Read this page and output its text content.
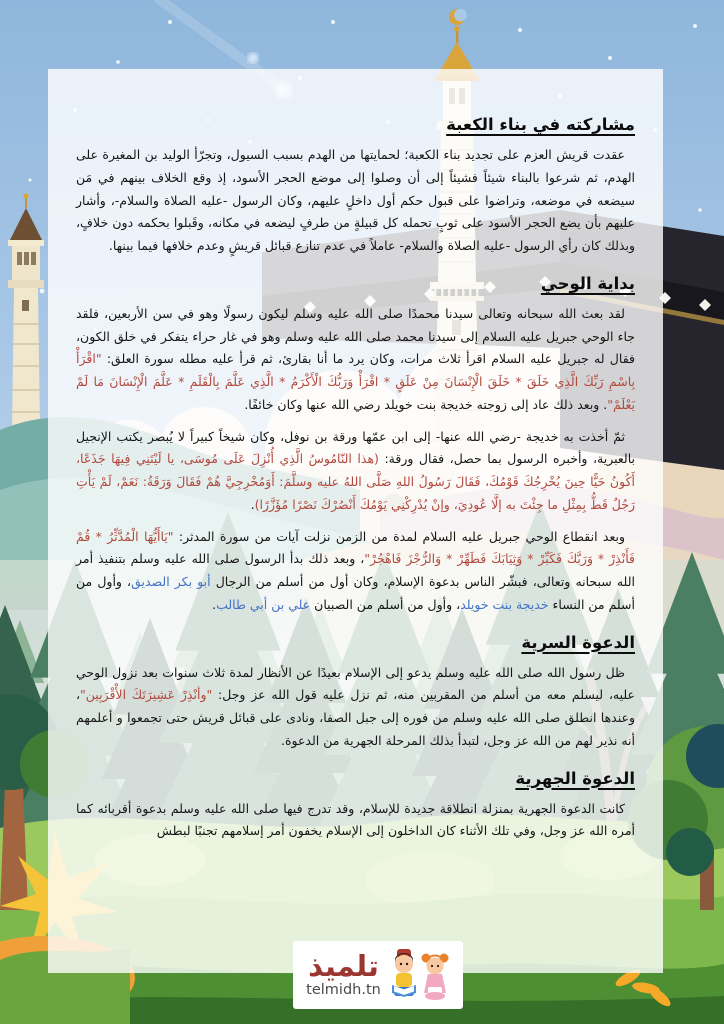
مشاركته في بناء الكعبة

عقدت قريش العزم على تجديد بناء الكعبة؛ لحمايتها من الهدم بسبب السيول، وتجرّأ الوليد بن المغيرة على الهدم، ثم شرعوا بالبناء شيئاً فشيئاً إلى أن وصلوا إلى موضع الحجر الأسود، إذ وقع الخلاف بينهم في مَن سيضعه في موضعه، وتراضوا على قبول حكم أول داخلٍ عليهم، وكان الرسول -عليه الصلاة والسلام-، وأشار عليهم بأن يضع الحجر الأسود على ثوبٍ تحمله كل قبيلةٍ من طرفٍ ليضعه في مكانه، وقَبلوا بحكمه دون خلافٍ، وبذلك كان رأي الرسول -عليه الصلاة والسلام- عاملاً في عدم تنازع قبائل قريشٍ وعدم خلافها فيما بينها.

بداية الوحي

لقد بعث الله سبحانه وتعالى سيدنا محمدًا صلى الله عليه وسلم ليكون رسولًا وهو في سن الأربعين، فلقد جاء الوحي جبريل عليه السلام إلى سيدنا محمد صلى الله عليه وسلم وهو في غار حراء يتفكر في خلق الكون، فقال له جبريل عليه السلام اقرأ ثلاث مرات، وكان يرد ما أنا بقارئ، ثم قرأ عليه مطله سورة العلق: "اقْرَأْ بِاسْمِ رَبِّكَ الَّذِي خَلَقَ * خَلَقَ الْإِنْسَانَ مِنْ عَلَقٍ * اقْرَأْ وَرَبُّكَ الْأَكْرَمُ * الَّذِي عَلَّمَ بِالْقَلَمِ * عَلَّمَ الْإِنْسَانَ مَا لَمْ يَعْلَمْ". وبعد ذلك عاد إلى زوجته خديجة بنت خويلد رضي الله عنها وكان خائفًا.

ثمّ أخذت به خديجة -رضي الله عنها- إلى ابن عمّها ورقة بن نوفل، وكان شيخاً كبيراً لا يُبصر يكتب الإنجيل بالعبرية، وأخبره الرسول بما حصل، فقال ورقة: (هذا النّامُوسُ الَّذِي أُنْزِلَ عَلَى مُوسَى، يا لَيْتَنِي فِيهَا جَذَعًا، أَكُونُ حَيًّا حِينَ يُخْرِجُكَ قَوْمُكَ، فَقَالَ رَسُولُ اللهِ صَلَّى اللهُ عليه وسلَّمَ: أَوَمُخْرِجِيَّ هُمْ فَقَالَ وَرَقَةُ: نَعَمْ، لَمْ يَأْتِ رَجُلٌ قَطُّ بِمِثْلِ ما جِئْتَ به إلَّا عُودِيَ، وإنْ يُدْرِكْنِي يَوْمُكَ أَنْصُرْكَ نَصْرًا مُؤَزَّرًا).

وبعد انقطاع الوحي جبريل عليه السلام لمدة من الزمن نزلت آيات من سورة المدثر: "يَاأَيُّهَا الْمُدَّثِّرُ * قُمْ فَأَنْذِرْ * وَرَبَّكَ فَكَبِّرْ * وَثِيَابَكَ فَطَهِّرْ * وَالرُّجْزَ فَاهْجُرْ"، وبعد ذلك بدأ الرسول صلى الله عليه وسلم بتنفيذ أمر الله سبحانه وتعالى، فبشّر الناس بدعوة الإسلام، وكان أول من أسلم من الرجال أبو بكر الصديق، وأول من أسلم من النساء خديجة بنت خويلد، وأول من أسلم من الصبيان علي بن أبي طالب.

الدعوة السرية

ظل رسول الله صلى الله عليه وسلم يدعو إلى الإسلام بعيدًا عن الأنظار لمدة ثلاث سنوات بعد نزول الوحي عليه، ليسلم معه من أسلم من المقربين منه، ثم نزل عليه قول الله عز وجل: "وأنْذِرْ عَشِيرَتَكَ الأْقْرَبِين"، وعندها انطلق صلى الله عليه وسلم من فوره إلى جبل الصفا، ونادى على قبائل قريش حتى تجمعوا و أعلمهم أنه نذير لهم من الله عز وجل، لتبدأ بذلك المرحلة الجهرية من الدعوة.

الدعوة الجهرية

كانت الدعوة الجهرية بمنزلة انطلاقة جديدة للإسلام، وقد تدرج فيها صلى الله عليه وسلم بدعوة أقربائه كما أمره الله عز وجل، وفي تلك الأثناء كان الداخلون إلى الإسلام يخفون أمر إسلامهم تجنبًا لبطش

تلميذ
telmidh.tn
